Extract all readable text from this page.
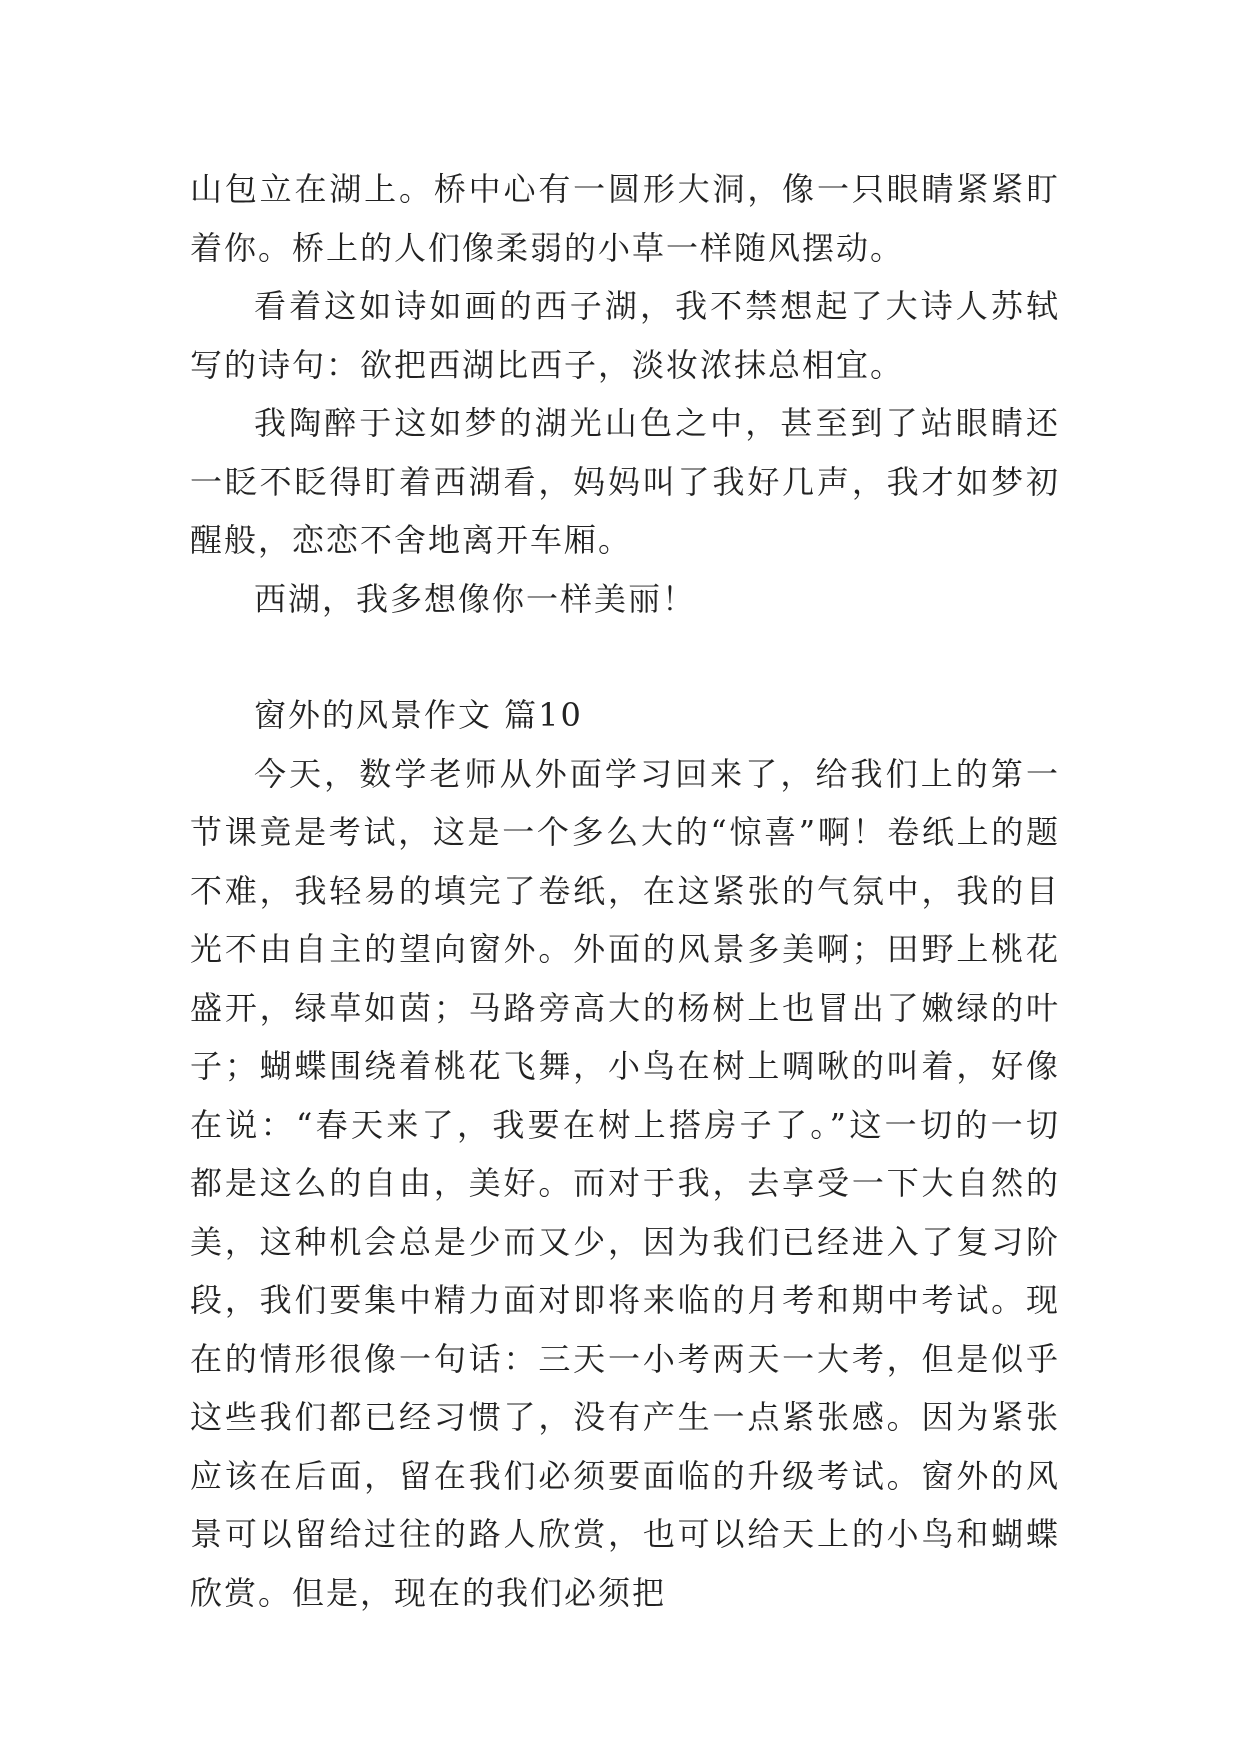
山包立在湖上。桥中心有一圆形大洞，像一只眼睛紧紧盯着你。桥上的人们像柔弱的小草一样随风摆动。

看着这如诗如画的西子湖，我不禁想起了大诗人苏轼写的诗句：欲把西湖比西子，淡妆浓抹总相宜。

我陶醉于这如梦的湖光山色之中，甚至到了站眼睛还一眨不眨得盯着西湖看，妈妈叫了我好几声，我才如梦初醒般，恋恋不舍地离开车厢。

西湖，我多想像你一样美丽！

窗外的风景作文 篇10

今天，数学老师从外面学习回来了，给我们上的第一节课竟是考试，这是一个多么大的“惊喜”啊！卷纸上的题不难，我轻易的填完了卷纸，在这紧张的气氛中，我的目光不由自主的望向窗外。外面的风景多美啊；田野上桃花盛开，绿草如茵；马路旁高大的杨树上也冒出了嫩绿的叶子；蝴蝶围绕着桃花飞舞，小鸟在树上啁啾的叫着，好像在说：“春天来了，我要在树上搭房子了。”这一切的一切都是这么的自由，美好。而对于我，去享受一下大自然的美，这种机会总是少而又少，因为我们已经进入了复习阶段，我们要集中精力面对即将来临的月考和期中考试。现在的情形很像一句话：三天一小考两天一大考，但是似乎这些我们都已经习惯了，没有产生一点紧张感。因为紧张应该在后面，留在我们必须要面临的升级考试。窗外的风景可以留给过往的路人欣赏，也可以给天上的小鸟和蝴蝶欣赏。但是，现在的我们必须把
